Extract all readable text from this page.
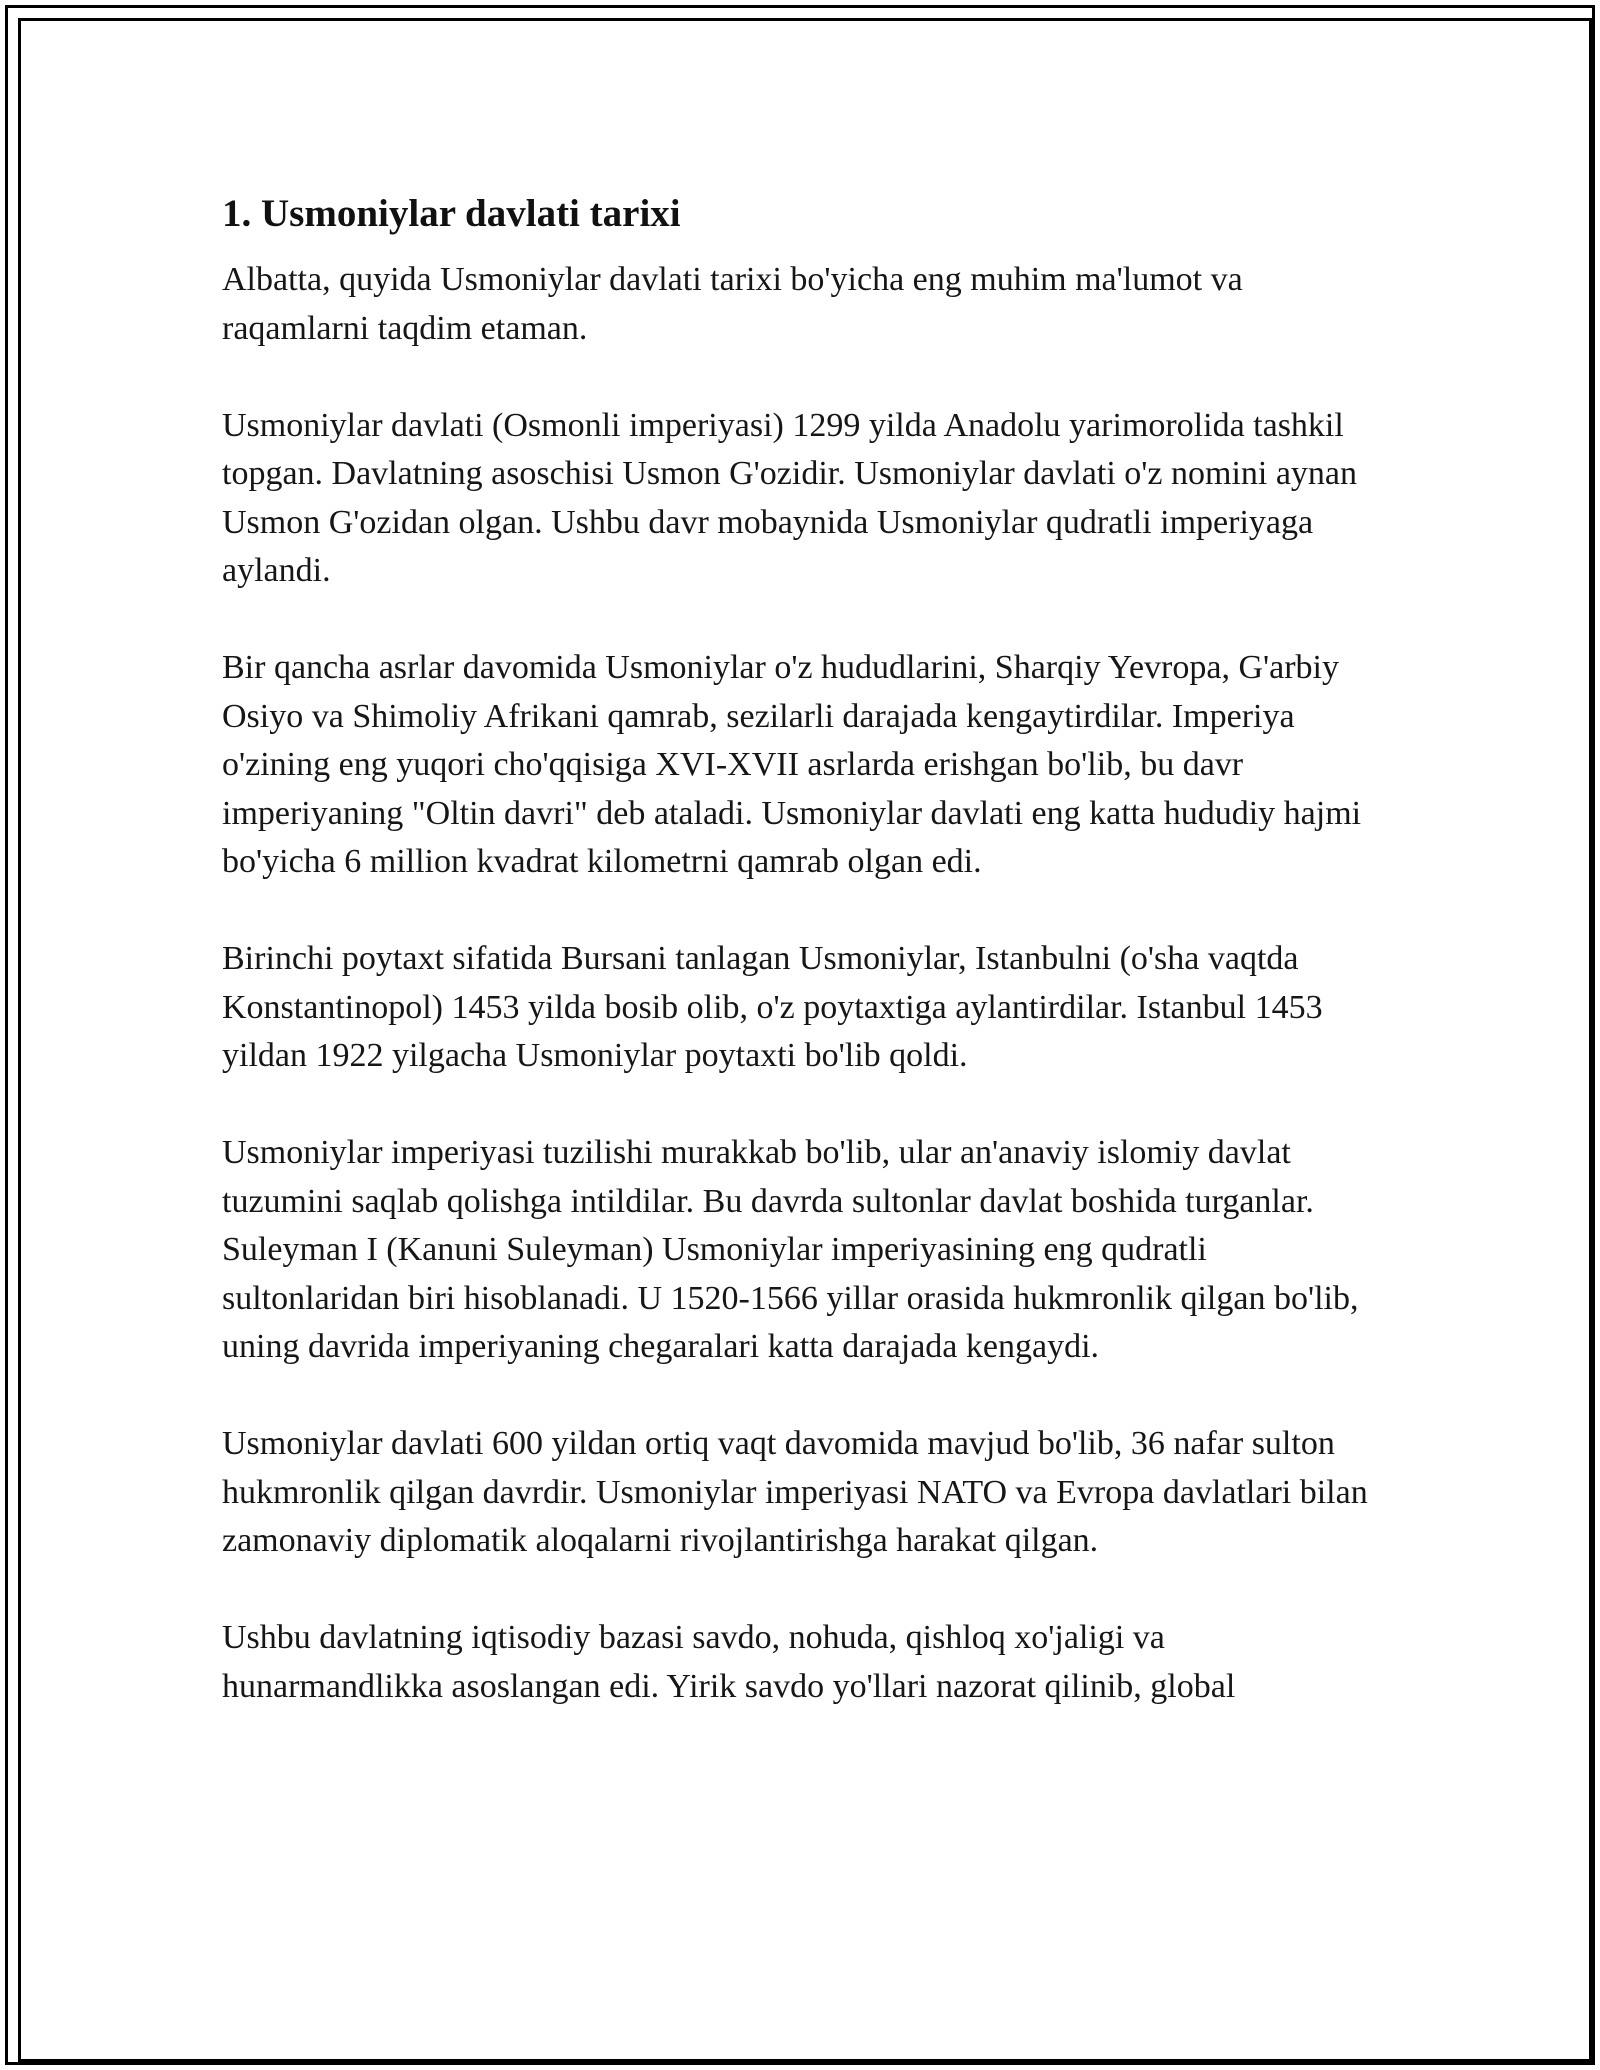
1. Usmoniylar davlati tarixi

Albatta, quyida Usmoniylar davlati tarixi bo'yicha eng muhim ma'lumot va raqamlarni taqdim etaman.

Usmoniylar davlati (Osmonli imperiyasi) 1299 yilda Anadolu yarimorolida tashkil topgan. Davlatning asoschisi Usmon G'ozidir. Usmoniylar davlati o'z nomini aynan Usmon G'ozidan olgan. Ushbu davr mobaynida Usmoniylar qudratli imperiyaga aylandi.

Bir qancha asrlar davomida Usmoniylar o'z hududlarini, Sharqiy Yevropa, G'arbiy Osiyo va Shimoliy Afrikani qamrab, sezilarli darajada kengaytirdilar. Imperiya o'zining eng yuqori cho'qqisiga XVI-XVII asrlarda erishgan bo'lib, bu davr imperiyaning "Oltin davri" deb ataladi. Usmoniylar davlati eng katta hududiy hajmi bo'yicha 6 million kvadrat kilometrni qamrab olgan edi.

Birinchi poytaxt sifatida Bursani tanlagan Usmoniylar, Istanbulni (o'sha vaqtda Konstantinopol) 1453 yilda bosib olib, o'z poytaxtiga aylantirdilar. Istanbul 1453 yildan 1922 yilgacha Usmoniylar poytaxti bo'lib qoldi.

Usmoniylar imperiyasi tuzilishi murakkab bo'lib, ular an'anaviy islomiy davlat tuzumini saqlab qolishga intildilar. Bu davrda sultonlar davlat boshida turganlar. Suleyman I (Kanuni Suleyman) Usmoniylar imperiyasining eng qudratli sultonlaridan biri hisoblanadi. U 1520-1566 yillar orasida hukmronlik qilgan bo'lib, uning davrida imperiyaning chegaralari katta darajada kengaydi.

Usmoniylar davlati 600 yildan ortiq vaqt davomida mavjud bo'lib, 36 nafar sulton hukmronlik qilgan davrdir. Usmoniylar imperiyasi NATO va Evropa davlatlari bilan zamonaviy diplomatik aloqalarni rivojlantirishga harakat qilgan.

Ushbu davlatning iqtisodiy bazasi savdo, nohuda, qishloq xo'jaligi va hunarmandlikka asoslangan edi. Yirik savdo yo'llari nazorat qilinib, global
